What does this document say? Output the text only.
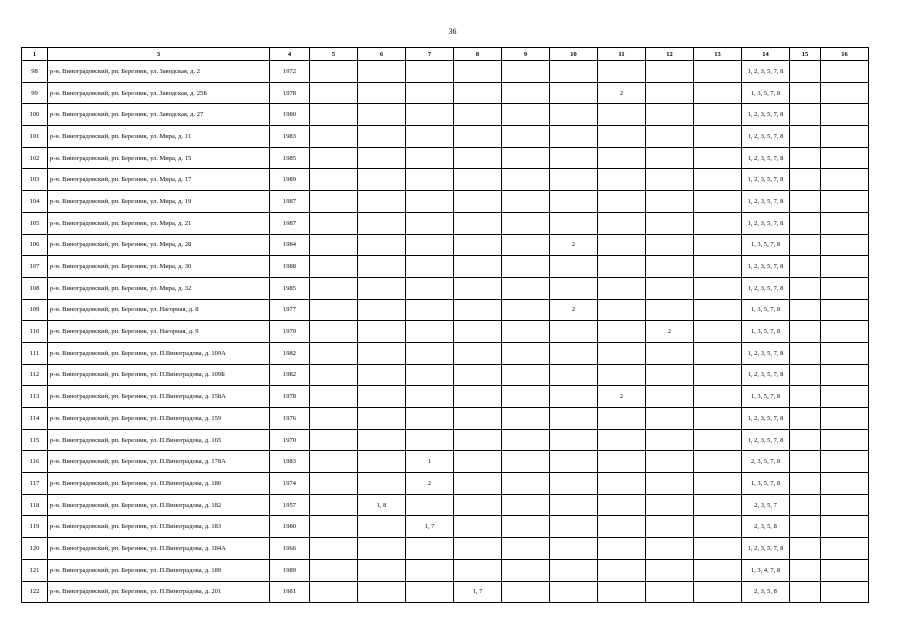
36
1	3	4	5	6	7	8	9	10	11	12	13	14	15	16
98	р-н. Виноградовский, рп. Березник, ул. Заводская, д. 2	1972										1, 2, 3, 5, 7, 8		
99	р-н. Виноградовский, рп. Березник, ул. Заводская, д. 25Б	1978							2			1, 3, 5, 7, 8		
100	р-н. Виноградовский, рп. Березник, ул. Заводская, д. 27	1980										1, 2, 3, 5, 7, 8		
101	р-н. Виноградовский, рп. Березник, ул. Мира, д. 11	1983										1, 2, 3, 5, 7, 8		
102	р-н. Виноградовский, рп. Березник, ул. Мира, д. 15	1985										1, 2, 3, 5, 7, 8		
103	р-н. Виноградовский, рп. Березник, ул. Мира, д. 17	1989										1, 2, 3, 5, 7, 8		
104	р-н. Виноградовский, рп. Березник, ул. Мира, д. 19	1987										1, 2, 3, 5, 7, 8		
105	р-н. Виноградовский, рп. Березник, ул. Мира, д. 21	1987										1, 2, 3, 5, 7, 8		
106	р-н. Виноградовский, рп. Березник, ул. Мира, д. 28	1984						2				1, 3, 5, 7, 8		
107	р-н. Виноградовский, рп. Березник, ул. Мира, д. 30	1988										1, 2, 3, 5, 7, 8		
108	р-н. Виноградовский, рп. Березник, ул. Мира, д. 32	1985										1, 2, 3, 5, 7, 8		
109	р-н. Виноградовский, рп. Березник, ул. Нагорная, д. 8	1977						2				1, 3, 5, 7, 8		
110	р-н. Виноградовский, рп. Березник, ул. Нагорная, д. 9	1979								2		1, 3, 5, 7, 8		
111	р-н. Виноградовский, рп. Березник, ул. П.Виноградова, д. 109А	1982										1, 2, 3, 5, 7, 8		
112	р-н. Виноградовский, рп. Березник, ул. П.Виноградова, д. 109Б	1982										1, 2, 3, 5, 7, 8		
113	р-н. Виноградовский, рп. Березник, ул. П.Виноградова, д. 158А	1978							2			1, 3, 5, 7, 8		
114	р-н. Виноградовский, рп. Березник, ул. П.Виноградова, д. 159	1976										1, 2, 3, 5, 7, 8		
115	р-н. Виноградовский, рп. Березник, ул. П.Виноградова, д. 165	1970										1, 2, 3, 5, 7, 8		
116	р-н. Виноградовский, рп. Березник, ул. П.Виноградова, д. 178А	1983			1							2, 3, 5, 7, 8		
117	р-н. Виноградовский, рп. Березник, ул. П.Виноградова, д. 180	1974			2							1, 3, 5, 7, 8		
118	р-н. Виноградовский, рп. Березник, ул. П.Виноградова, д. 182	1957		1, 8								2, 3, 5, 7		
119	р-н. Виноградовский, рп. Березник, ул. П.Виноградова, д. 183	1980			1, 7							2, 3, 5, 8		
120	р-н. Виноградовский, рп. Березник, ул. П.Виноградова, д. 184А	1966										1, 2, 3, 5, 7, 8		
121	р-н. Виноградовский, рп. Березник, ул. П.Виноградова, д. 189	1989										1, 3, 4, 7, 8		
122	р-н. Виноградовский, рп. Березник, ул. П.Виноградова, д. 201	1981				1, 7						2, 3, 5, 8		
